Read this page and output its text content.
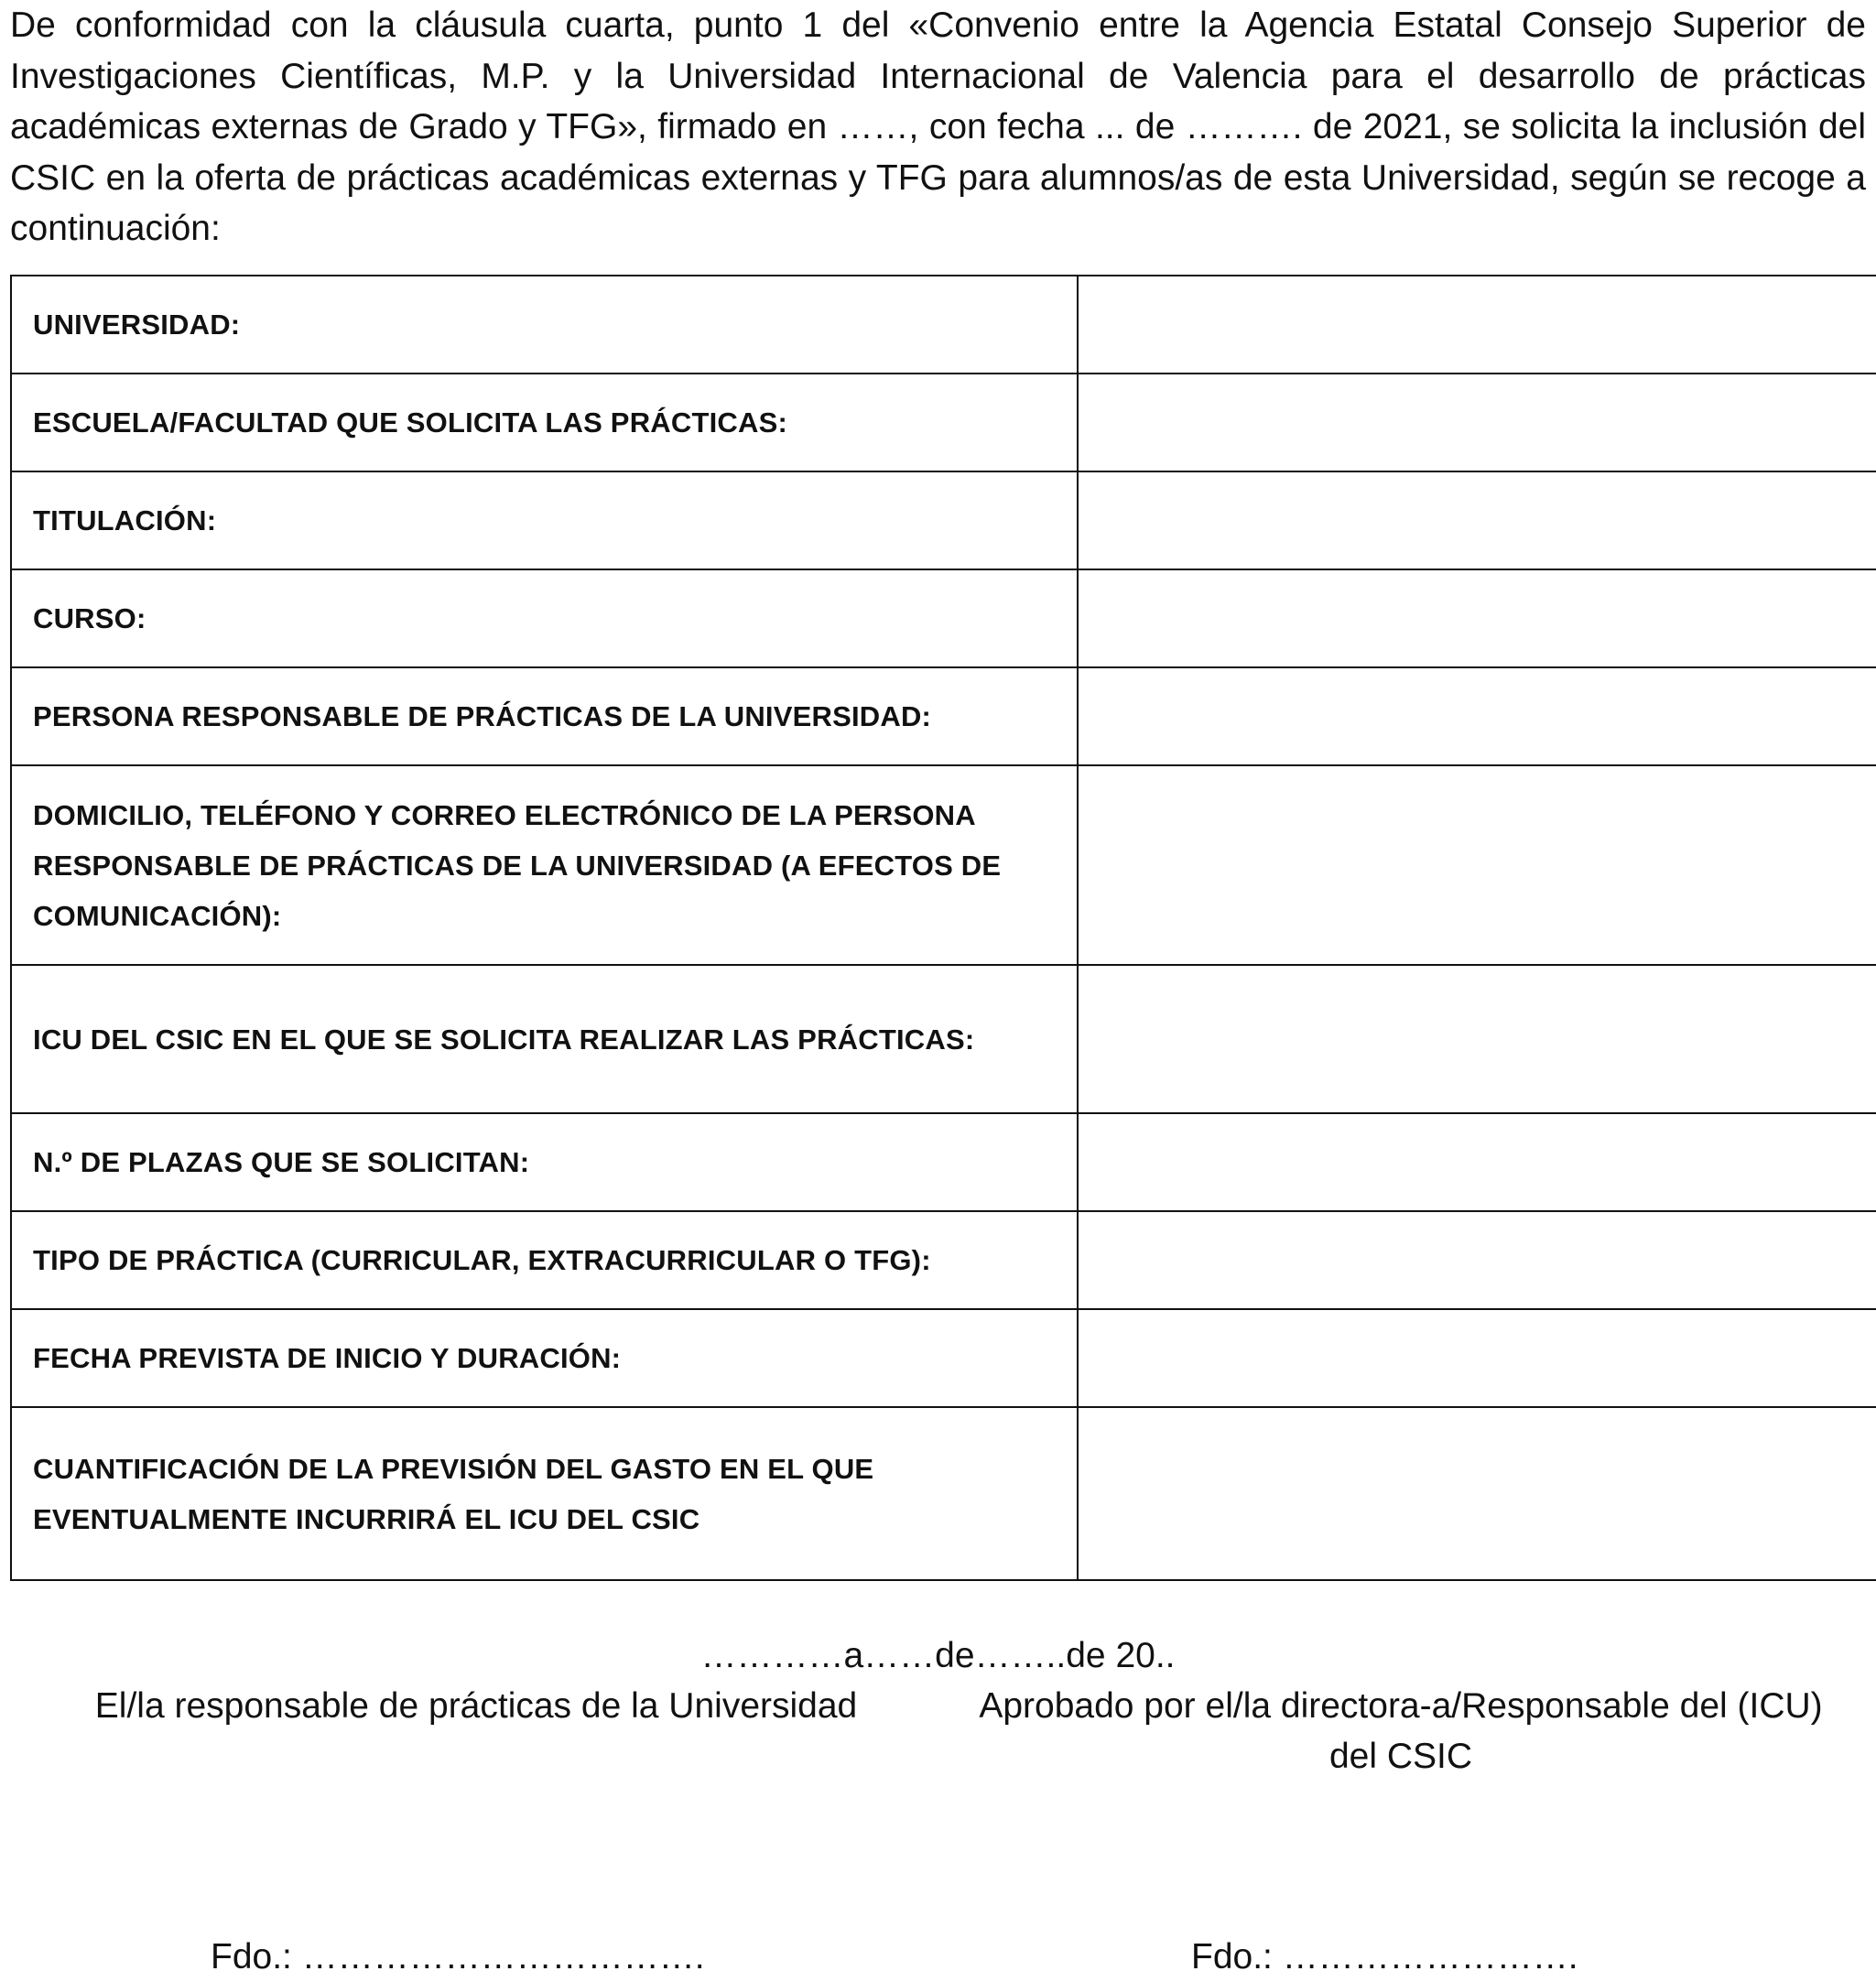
De conformidad con la cláusula cuarta, punto 1 del «Convenio entre la Agencia Estatal Consejo Superior de Investigaciones Científicas, M.P. y la Universidad Internacional de Valencia para el desarrollo de prácticas académicas externas de Grado y TFG», firmado en ……, con fecha ... de ………. de 2021, se solicita la inclusión del CSIC en la oferta de prácticas académicas externas y TFG para alumnos/as de esta Universidad, según se recoge a continuación:

UNIVERSIDAD:	

ESCUELA/FACULTAD QUE SOLICITA LAS PRÁCTICAS:	

TITULACIÓN:	

CURSO:	

PERSONA RESPONSABLE DE PRÁCTICAS DE LA UNIVERSIDAD:	

DOMICILIO, TELÉFONO Y CORREO ELECTRÓNICO DE LA PERSONA RESPONSABLE DE PRÁCTICAS DE LA UNIVERSIDAD (A EFECTOS DE COMUNICACIÓN):	

ICU DEL CSIC EN EL QUE SE SOLICITA REALIZAR LAS PRÁCTICAS:	

N.º DE PLAZAS QUE SE SOLICITAN:	

TIPO DE PRÁCTICA (CURRICULAR, EXTRACURRICULAR O TFG):	

FECHA PREVISTA DE INICIO Y DURACIÓN:	

CUANTIFICACIÓN DE LA PREVISIÓN DEL GASTO EN EL QUE EVENTUALMENTE INCURRIRÁ EL ICU DEL CSIC	

…………a……de……..de 20..
El/la responsable de prácticas de la Universidad	Aprobado por el/la directora-a/Responsable del (ICU) del CSIC
Fdo.: …………………………….	Fdo.: …………………….
